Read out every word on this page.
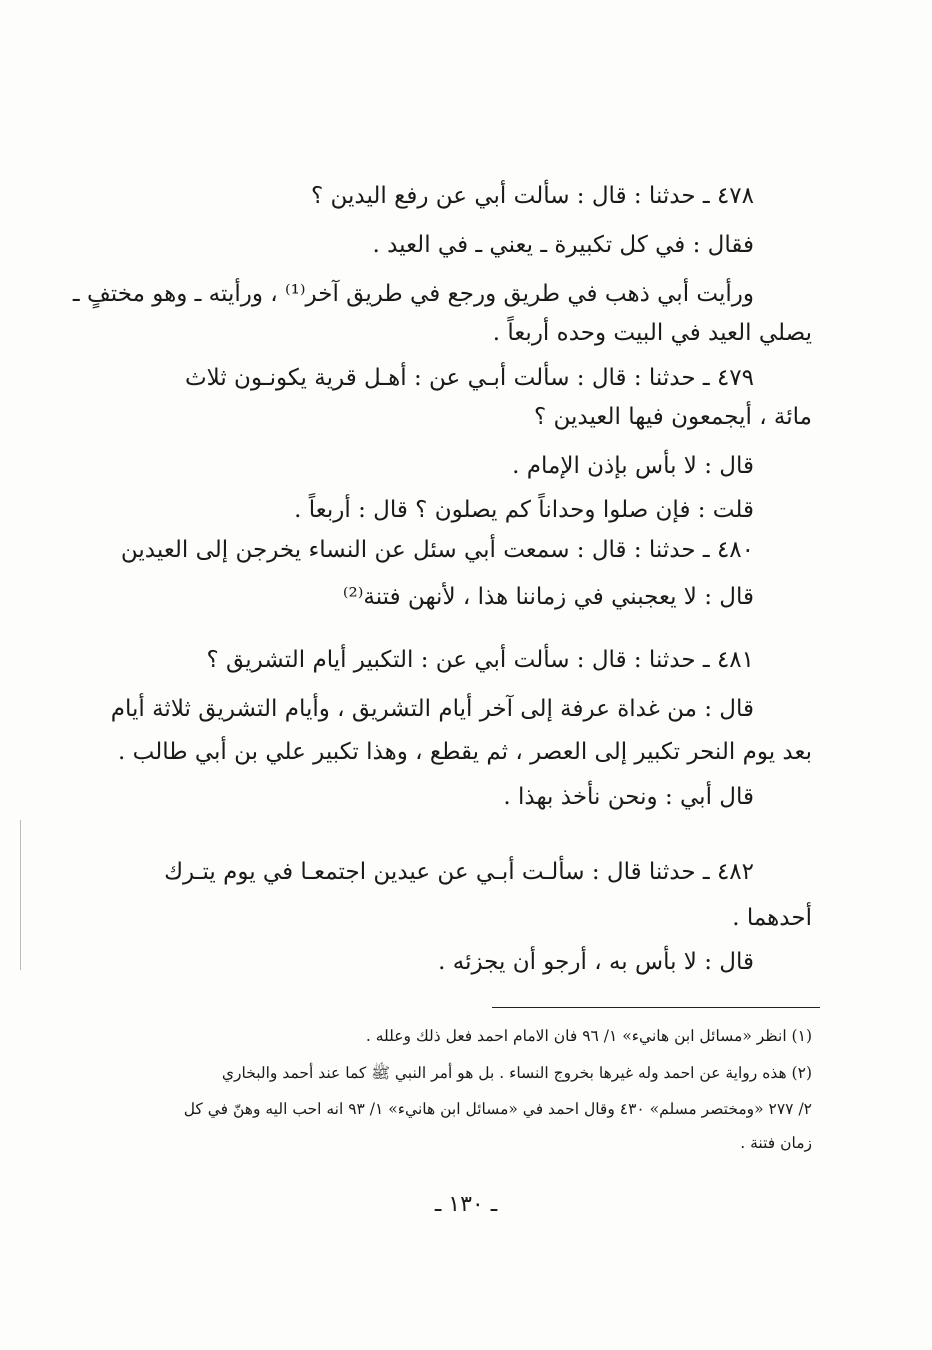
٤٧٨ ـ حدثنا : قال : سألت أبي عن رفع اليدين ؟
فقال : في كل تكبيرة ـ يعني ـ في العيد .
ورأيت أبي ذهب في طريق ورجع في طريق آخر⁽¹⁾ ، ورأيته ـ وهو مختفٍ ـ
يصلي العيد في البيت وحده أربعاً .
٤٧٩ ـ حدثنا : قال : سألت أبـي عن : أهـل قرية يكونـون ثلاث
مائة ، أيجمعون فيها العيدين ؟
قال : لا بأس بإذن الإمام .
قلت : فإن صلوا وحداناً كم يصلون ؟ قال : أربعاً .
٤٨٠ ـ حدثنا : قال : سمعت أبي سئل عن النساء يخرجن إلى العيدين
قال : لا يعجبني في زماننا هذا ، لأنهن فتنة⁽²⁾
٤٨١ ـ حدثنا : قال : سألت أبي عن : التكبير أيام التشريق ؟
قال : من غداة عرفة إلى آخر أيام التشريق ، وأيام التشريق ثلاثة أيام
بعد يوم النحر تكبير إلى العصر ، ثم يقطع ، وهذا تكبير علي بن أبي طالب .
قال أبي : ونحن نأخذ بهذا .
٤٨٢ ـ حدثنا قال : سألـت أبـي عن عيدين اجتمعـا في يوم يتـرك
أحدهما .
قال : لا بأس به ، أرجو أن يجزئه .
(١) انظر «مسائل ابن هانيء» ١/ ٩٦ فان الامام احمد فعل ذلك وعلله .
(٢) هذه رواية عن احمد وله غيرها بخروج النساء . بل هو أمر النبي ﷺ كما عند أحمد والبخاري
٢/ ٢٧٧ «ومختصر مسلم» ٤٣٠ وقال احمد في «مسائل ابن هانيء» ١/ ٩٣ انه احب اليه وهنّ في كل
زمان فتنة .
ـ ١٣٠ ـ
